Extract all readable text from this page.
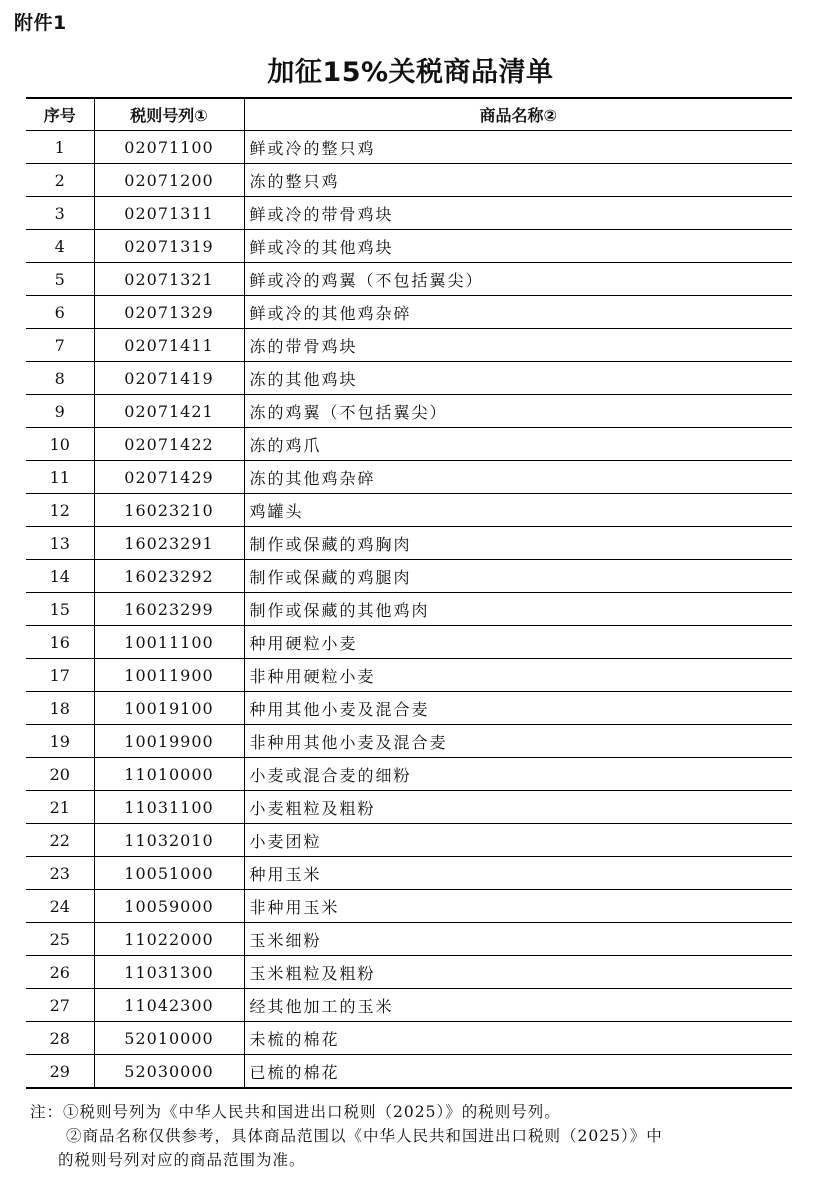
附件1
加征15%关税商品清单
序号	税则号列①	商品名称②
1	02071100	鲜或冷的整只鸡
2	02071200	冻的整只鸡
3	02071311	鲜或冷的带骨鸡块
4	02071319	鲜或冷的其他鸡块
5	02071321	鲜或冷的鸡翼（不包括翼尖）
6	02071329	鲜或冷的其他鸡杂碎
7	02071411	冻的带骨鸡块
8	02071419	冻的其他鸡块
9	02071421	冻的鸡翼（不包括翼尖）
10	02071422	冻的鸡爪
11	02071429	冻的其他鸡杂碎
12	16023210	鸡罐头
13	16023291	制作或保藏的鸡胸肉
14	16023292	制作或保藏的鸡腿肉
15	16023299	制作或保藏的其他鸡肉
16	10011100	种用硬粒小麦
17	10011900	非种用硬粒小麦
18	10019100	种用其他小麦及混合麦
19	10019900	非种用其他小麦及混合麦
20	11010000	小麦或混合麦的细粉
21	11031100	小麦粗粒及粗粉
22	11032010	小麦团粒
23	10051000	种用玉米
24	10059000	非种用玉米
25	11022000	玉米细粉
26	11031300	玉米粗粒及粗粉
27	11042300	经其他加工的玉米
28	52010000	未梳的棉花
29	52030000	已梳的棉花
注：①税则号列为《中华人民共和国进出口税则（2025）》的税则号列。
②商品名称仅供参考，具体商品范围以《中华人民共和国进出口税则（2025）》中
的税则号列对应的商品范围为准。
